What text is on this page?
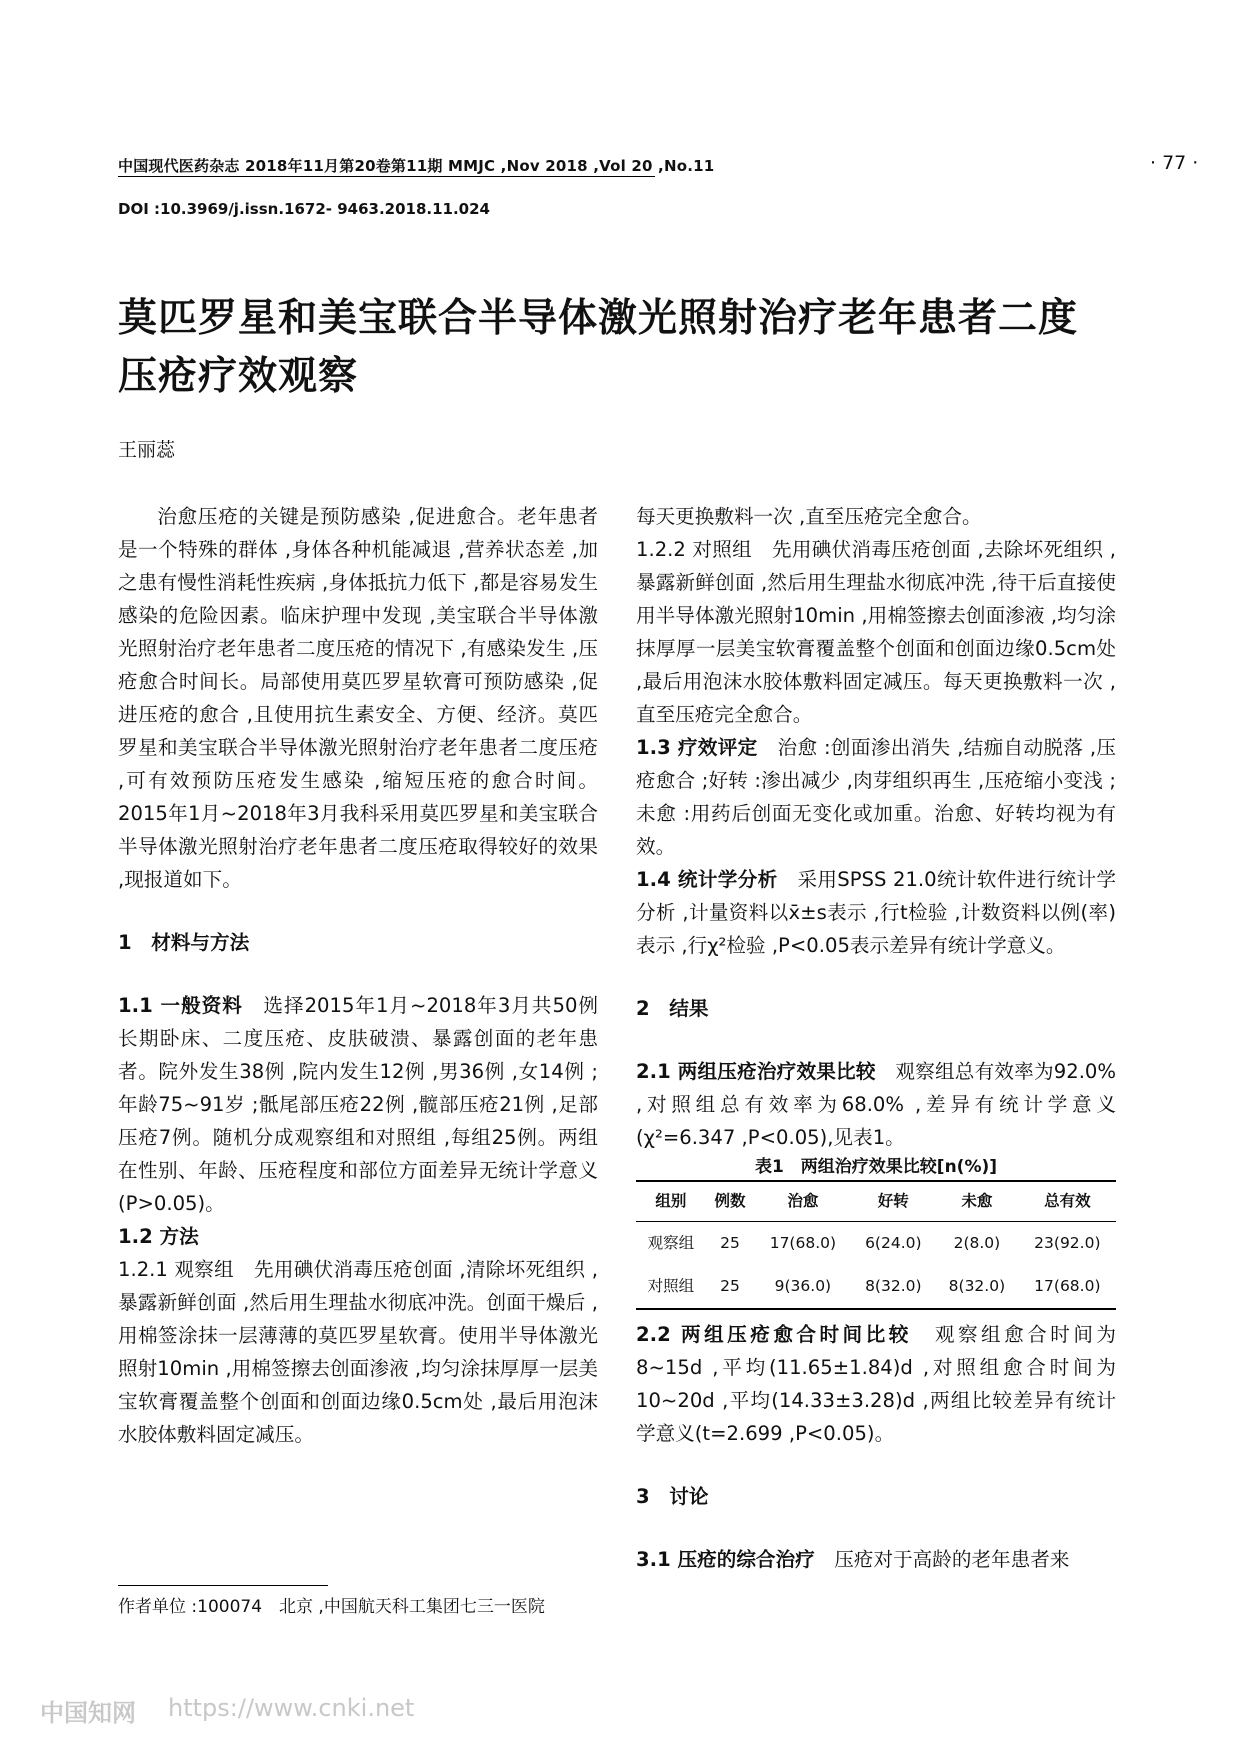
中国现代医药杂志 2018年11月第20卷第11期 MMJC ,Nov 2018 ,Vol 20 ,No.11	· 77 ·
DOI :10.3969/j.issn.1672- 9463.2018.11.024
莫匹罗星和美宝联合半导体激光照射治疗老年患者二度压疮疗效观察
王丽蕊

治愈压疮的关键是预防感染 ,促进愈合。老年患者是一个特殊的群体 ,身体各种机能减退 ,营养状态差 ,加之患有慢性消耗性疾病 ,身体抵抗力低下 ,都是容易发生感染的危险因素。临床护理中发现 ,美宝联合半导体激光照射治疗老年患者二度压疮的情况下 ,有感染发生 ,压疮愈合时间长。局部使用莫匹罗星软膏可预防感染 ,促进压疮的愈合 ,且使用抗生素安全、方便、经济。莫匹罗星和美宝联合半导体激光照射治疗老年患者二度压疮 ,可有效预防压疮发生感染 ,缩短压疮的愈合时间。2015年1月~2018年3月我科采用莫匹罗星和美宝联合半导体激光照射治疗老年患者二度压疮取得较好的效果 ,现报道如下。

1　材料与方法

1.1 一般资料　选择2015年1月~2018年3月共50例长期卧床、二度压疮、皮肤破溃、暴露创面的老年患者。院外发生38例 ,院内发生12例 ,男36例 ,女14例 ;年龄75~91岁 ;骶尾部压疮22例 ,髋部压疮21例 ,足部压疮7例。随机分成观察组和对照组 ,每组25例。两组在性别、年龄、压疮程度和部位方面差异无统计学意义(P>0.05)。

1.2 方法

1.2.1 观察组　先用碘伏消毒压疮创面 ,清除坏死组织 ,暴露新鲜创面 ,然后用生理盐水彻底冲洗。创面干燥后 ,用棉签涂抹一层薄薄的莫匹罗星软膏。使用半导体激光照射10min ,用棉签擦去创面渗液 ,均匀涂抹厚厚一层美宝软膏覆盖整个创面和创面边缘0.5cm处 ,最后用泡沫水胶体敷料固定减压。

每天更换敷料一次 ,直至压疮完全愈合。

1.2.2 对照组　先用碘伏消毒压疮创面 ,去除坏死组织 ,暴露新鲜创面 ,然后用生理盐水彻底冲洗 ,待干后直接使用半导体激光照射10min ,用棉签擦去创面渗液 ,均匀涂抹厚厚一层美宝软膏覆盖整个创面和创面边缘0.5cm处 ,最后用泡沫水胶体敷料固定减压。每天更换敷料一次 ,直至压疮完全愈合。

1.3 疗效评定　治愈 :创面渗出消失 ,结痂自动脱落 ,压疮愈合 ;好转 :渗出减少 ,肉芽组织再生 ,压疮缩小变浅 ;未愈 :用药后创面无变化或加重。治愈、好转均视为有效。

1.4 统计学分析　采用SPSS 21.0统计软件进行统计学分析 ,计量资料以x̄±s表示 ,行t检验 ,计数资料以例(率)表示 ,行χ²检验 ,P<0.05表示差异有统计学意义。

2　结果

2.1 两组压疮治疗效果比较　观察组总有效率为92.0% ,对照组总有效率为68.0% ,差异有统计学意义(χ²=6.347 ,P<0.05),见表1。

表1　两组治疗效果比较[n(%)]

组别	例数	治愈	好转	未愈	总有效
观察组	25	17(68.0)	6(24.0)	2(8.0)	23(92.0)
对照组	25	9(36.0)	8(32.0)	8(32.0)	17(68.0)

2.2 两组压疮愈合时间比较　观察组愈合时间为8~15d ,平均(11.65±1.84)d ,对照组愈合时间为10~20d ,平均(14.33±3.28)d ,两组比较差异有统计学意义(t=2.699 ,P<0.05)。

3　讨论

3.1 压疮的综合治疗　压疮对于高龄的老年患者来

作者单位 :100074　北京 ,中国航天科工集团七三一医院
中国知网 https://www.cnki.net
